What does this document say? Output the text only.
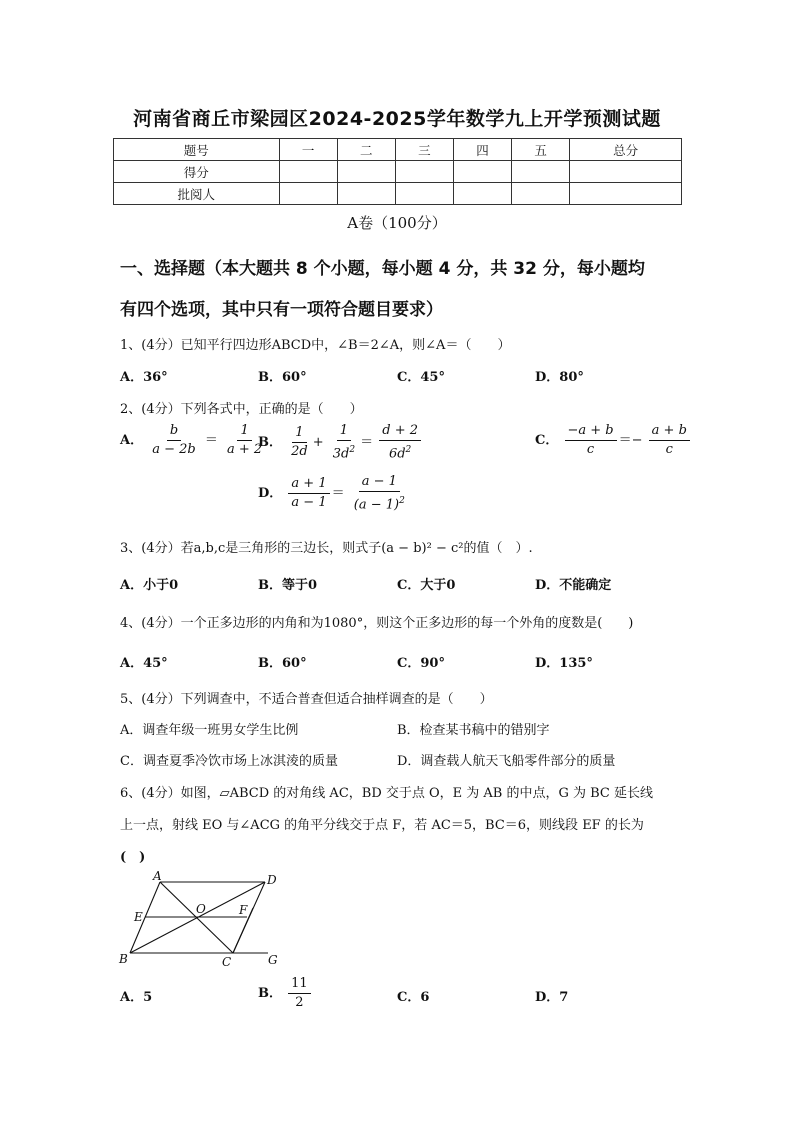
河南省商丘市梁园区2024-2025学年数学九上开学预测试题
题号	一	二	三	四	五	总分
得分						
批阅人						
A卷（100分）
一、选择题（本大题共 8 个小题，每小题 4 分，共 32 分，每小题均
有四个选项，其中只有一项符合题目要求）
1、(4分）已知平行四边形ABCD中，∠B＝2∠A，则∠A＝（　　）
A．36°	B．60°	C．45°	D．80°
2、(4分）下列各式中，正确的是（　　）
A． $\frac{b}{a - 2b} = \frac{1}{a + 2}$
B． $\frac{1}{2d} + \frac{1}{3d^2} = \frac{d + 2}{6d^2}$	C． $\frac{-a + b}{c} =- \frac{a + b}{c}$
D． $\frac{a + 1}{a - 1} = \frac{a - 1}{(a - 1)^2}$
3、(4分）若a,b,c是三角形的三边长，则式子(a − b)² − c²的值（　）.
A．小于0	B．等于0	C．大于0	D．不能确定
4、(4分）一个正多边形的内角和为1080°，则这个正多边形的每一个外角的度数是(　　)
A．45°	B．60°	C．90°	D．135°
5、(4分）下列调查中，不适合普查但适合抽样调查的是（　　）
A．调查年级一班男女学生比例	B．检查某书稿中的错别字
C．调查夏季冷饮市场上冰淇淩的质量	D．调查载人航天飞船零件部分的质量
6、(4分）如图，▱ABCD 的对角线 AC，BD 交于点 O，E 为 AB 的中点，G 为 BC 延长线
上一点，射线 EO 与∠ACG 的角平分线交于点 F，若 AC＝5，BC＝6，则线段 EF 的长为
(　)
A	D
E
O	F
B	C	G
A．5	B． $\frac{11}{2}$	C．6	D．7
